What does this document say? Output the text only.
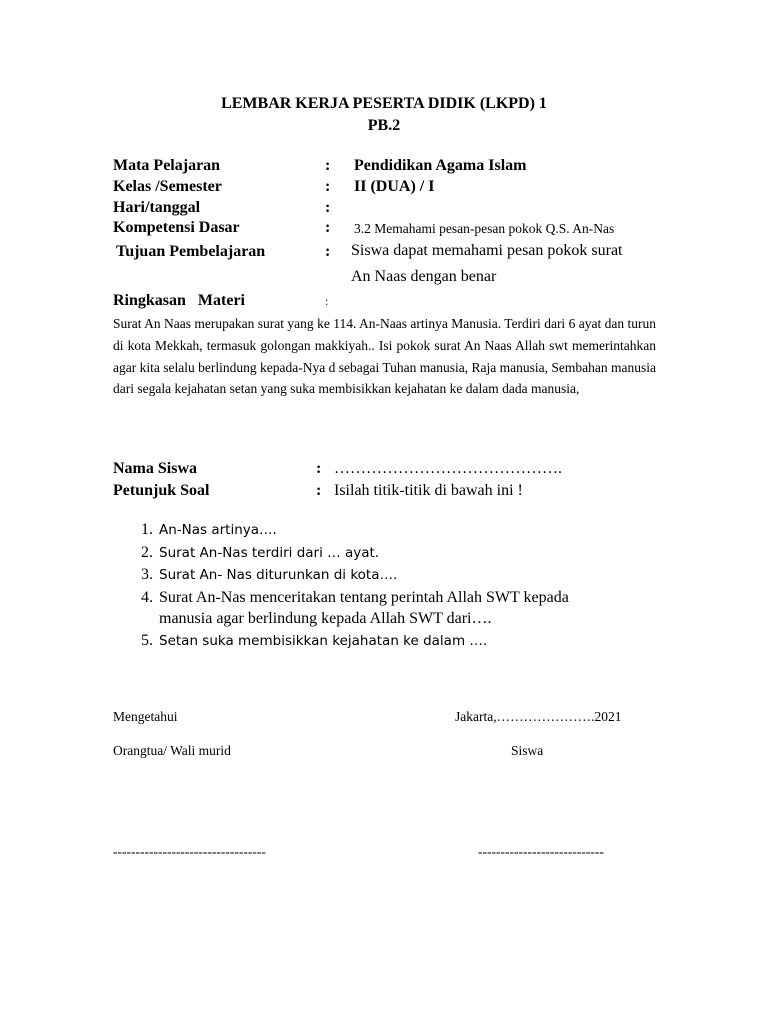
LEMBAR KERJA PESERTA DIDIK (LKPD) 1
PB.2
Mata Pelajaran	: Pendidikan Agama Islam
Kelas /Semester	: II (DUA) / I
Hari/tanggal	:
Kompetensi Dasar	: 3.2 Memahami pesan-pesan pokok Q.S. An-Nas
Tujuan Pembelajaran	: Siswa dapat memahami pesan pokok surat
An Naas dengan benar
Ringkasan   Materi	:
Surat An Naas merupakan surat yang ke 114. An-Naas artinya Manusia. Terdiri dari 6 ayat dan turun di kota Mekkah, termasuk golongan makkiyah.. Isi pokok surat An Naas Allah swt memerintahkan agar kita selalu berlindung kepada-Nya d sebagai Tuhan manusia, Raja manusia, Sembahan manusia dari segala kejahatan setan yang suka membisikkan kejahatan ke dalam dada manusia,
Nama Siswa	: …………………………………….
Petunjuk Soal	: Isilah titik-titik di bawah ini !
1. An-Nas artinya….
2. Surat An-Nas terdiri dari … ayat.
3. Surat An- Nas diturunkan di kota….
4. Surat An-Nas menceritakan tentang perintah Allah SWT kepada
manusia agar berlindung kepada Allah SWT dari….
5. Setan suka membisikkan kejahatan ke dalam ….
Mengetahui	Jakarta,………………….2021
Orangtua/ Wali murid	Siswa
----------------------------------	----------------------------
